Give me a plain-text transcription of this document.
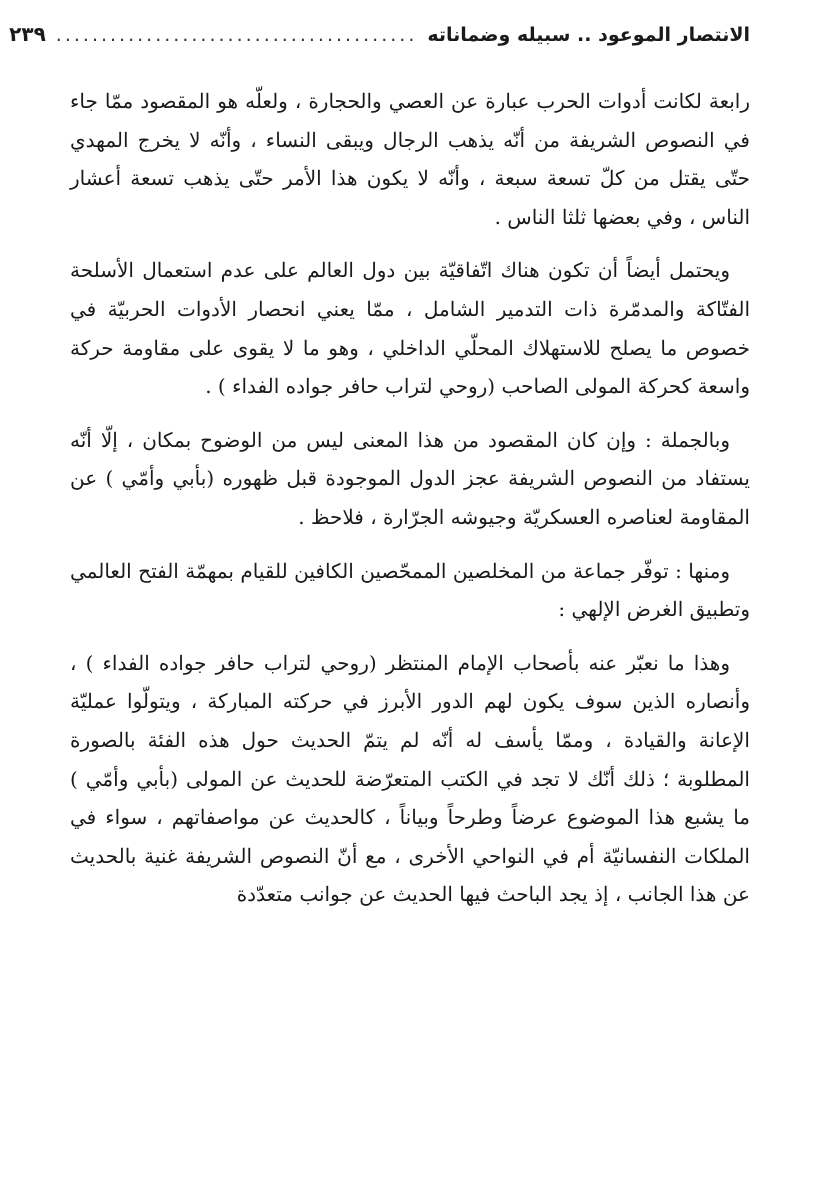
الانتصار الموعود .. سبيله وضماناته
........................................
٢٣٩

رابعة لكانت أدوات الحرب عبارة عن العصي والحجارة ، ولعلّه هو المقصود ممّا جاء في النصوص الشريفة من أنّه يذهب الرجال ويبقى النساء ، وأنّه لا يخرج المهدي حتّى يقتل من كلّ تسعة سبعة ، وأنّه لا يكون هذا الأمر حتّى يذهب تسعة أعشار الناس ، وفي بعضها ثلثا الناس .

ويحتمل أيضاً أن تكون هناك اتّفاقيّة بين دول العالم على عدم استعمال الأسلحة الفتّاكة والمدمّرة ذات التدمير الشامل ، ممّا يعني انحصار الأدوات الحربيّة في خصوص ما يصلح للاستهلاك المحلّي الداخلي ، وهو ما لا يقوى على مقاومة حركة واسعة كحركة المولى الصاحب (روحي لتراب حافر جواده الفداء ) .

وبالجملة : وإن كان المقصود من هذا المعنى ليس من الوضوح بمكان ، إلّا أنّه يستفاد من النصوص الشريفة عجز الدول الموجودة قبل ظهوره (بأبي وأمّي ) عن المقاومة لعناصره العسكريّة وجيوشه الجرّارة ، فلاحظ .

ومنها : توفّر جماعة من المخلصين الممحّصين الكافين للقيام بمهمّة الفتح العالمي وتطبيق الغرض الإلهي :

وهذا ما نعبّر عنه بأصحاب الإمام المنتظر (روحي لتراب حافر جواده الفداء ) ، وأنصاره الذين سوف يكون لهم الدور الأبرز في حركته المباركة ، ويتولّوا عمليّة الإعانة والقيادة ، وممّا يأسف له أنّه لم يتمّ الحديث حول هذه الفئة بالصورة المطلوبة ؛ ذلك أنّك لا تجد في الكتب المتعرّضة للحديث عن المولى (بأبي وأمّي ) ما يشبع هذا الموضوع عرضاً وطرحاً وبياناً ، كالحديث عن مواصفاتهم ، سواء في الملكات النفسانيّة أم في النواحي الأخرى ، مع أنّ النصوص الشريفة غنية بالحديث عن هذا الجانب ، إذ يجد الباحث فيها الحديث عن جوانب متعدّدة
